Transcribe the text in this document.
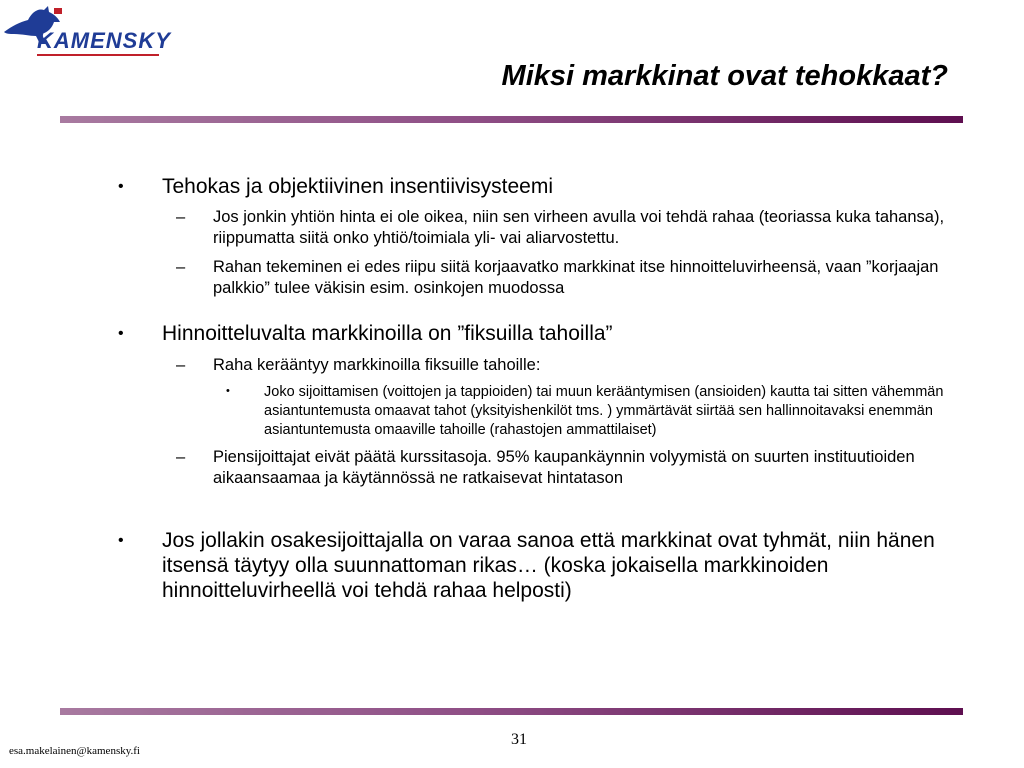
KAMENSKY
Miksi markkinat ovat tehokkaat?
• Tehokas ja objektiivinen insentiivisysteemi
– Jos jonkin yhtiön hinta ei ole oikea, niin sen virheen avulla voi tehdä rahaa (teoriassa kuka tahansa), riippumatta siitä onko yhtiö/toimiala yli- vai aliarvostettu.
– Rahan tekeminen ei edes riipu siitä korjaavatko markkinat itse hinnoitteluvirheensä, vaan ”korjaajan palkkio” tulee väkisin esim. osinkojen muodossa
• Hinnoitteluvalta markkinoilla on ”fiksuilla tahoilla”
– Raha kerääntyy markkinoilla fiksuille tahoille:
• Joko sijoittamisen (voittojen ja tappioiden) tai muun kerääntymisen (ansioiden) kautta tai sitten vähemmän asiantuntemusta omaavat tahot (yksityishenkilöt tms. ) ymmärtävät siirtää sen hallinnoitavaksi enemmän asiantuntemusta omaaville tahoille (rahastojen ammattilaiset)
– Piensijoittajat eivät päätä kurssitasoja. 95% kaupankäynnin volyymistä on suurten instituutioiden aikaansaamaa ja käytännössä ne ratkaisevat hintatason
• Jos jollakin osakesijoittajalla on varaa sanoa että markkinat ovat tyhmät, niin hänen itsensä täytyy olla suunnattoman rikas… (koska jokaisella markkinoiden hinnoitteluvirheellä voi tehdä rahaa helposti)
31
esa.makelainen@kamensky.fi
